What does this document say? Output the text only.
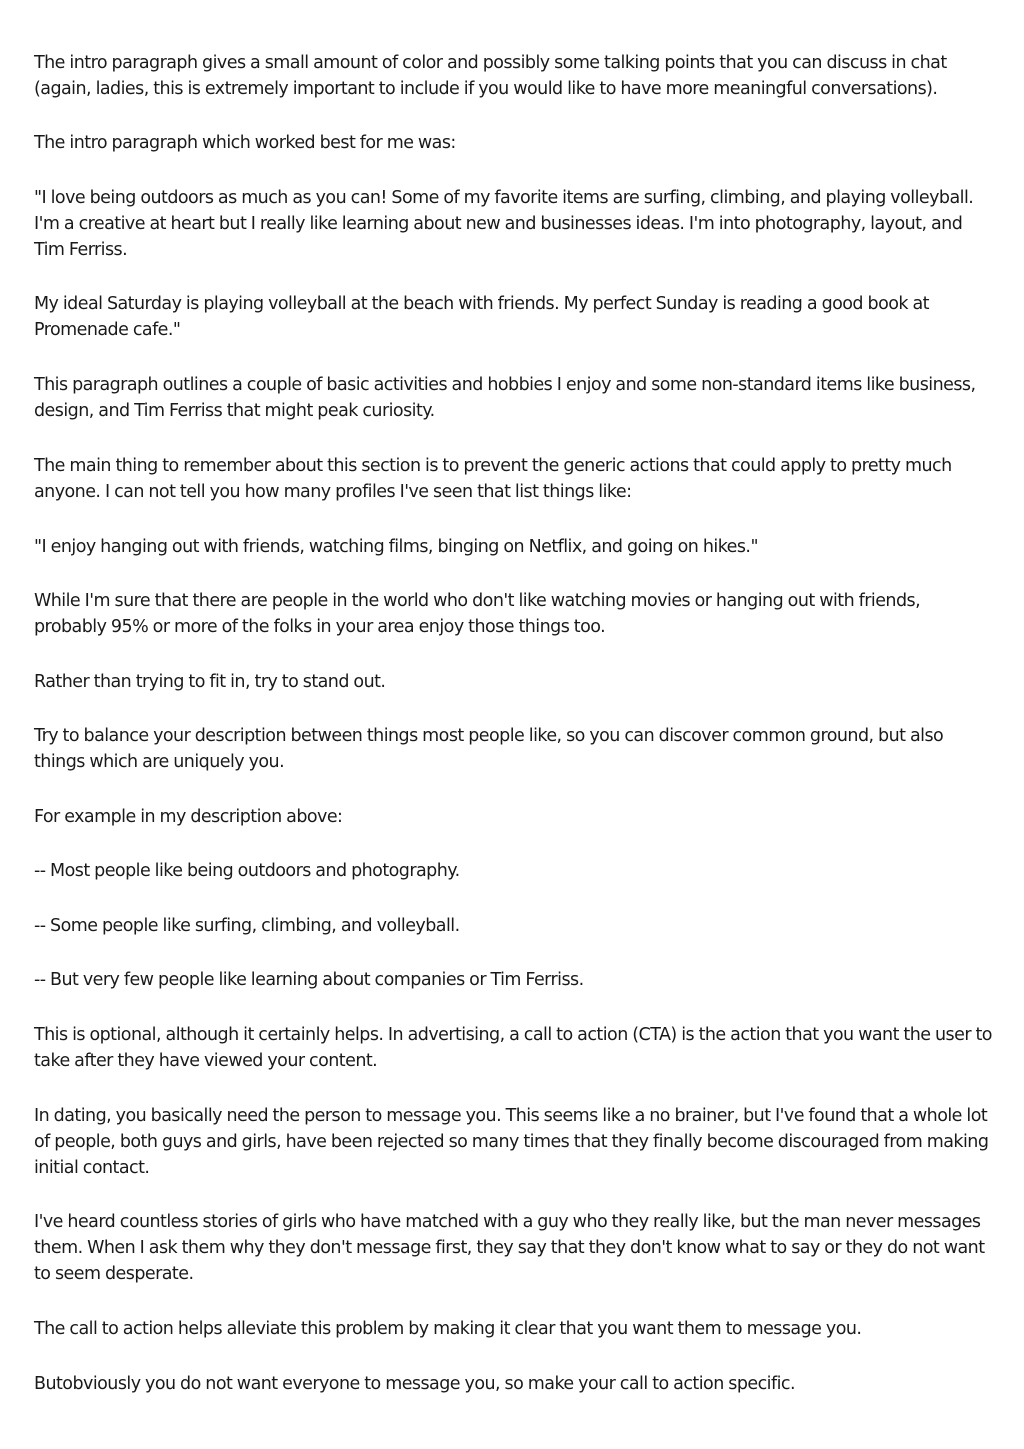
The intro paragraph gives a small amount of color and possibly some talking points that you can discuss in chat (again, ladies, this is extremely important to include if you would like to have more meaningful conversations).

The intro paragraph which worked best for me was:

"I love being outdoors as much as you can! Some of my favorite items are surfing, climbing, and playing volleyball. I'm a creative at heart but I really like learning about new and businesses ideas. I'm into photography, layout, and Tim Ferriss.

My ideal Saturday is playing volleyball at the beach with friends. My perfect Sunday is reading a good book at Promenade cafe."

This paragraph outlines a couple of basic activities and hobbies I enjoy and some non-standard items like business, design, and Tim Ferriss that might peak curiosity.

The main thing to remember about this section is to prevent the generic actions that could apply to pretty much anyone. I can not tell you how many profiles I've seen that list things like:

"I enjoy hanging out with friends, watching films, binging on Netflix, and going on hikes."

While I'm sure that there are people in the world who don't like watching movies or hanging out with friends, probably 95% or more of the folks in your area enjoy those things too.

Rather than trying to fit in, try to stand out.

Try to balance your description between things most people like, so you can discover common ground, but also things which are uniquely you.

For example in my description above:

-- Most people like being outdoors and photography.

-- Some people like surfing, climbing, and volleyball.

-- But very few people like learning about companies or Tim Ferriss.

This is optional, although it certainly helps. In advertising, a call to action (CTA) is the action that you want the user to take after they have viewed your content.

In dating, you basically need the person to message you. This seems like a no brainer, but I've found that a whole lot of people, both guys and girls, have been rejected so many times that they finally become discouraged from making initial contact.

I've heard countless stories of girls who have matched with a guy who they really like, but the man never messages them. When I ask them why they don't message first, they say that they don't know what to say or they do not want to seem desperate.

The call to action helps alleviate this problem by making it clear that you want them to message you.

Butobviously you do not want everyone to message you, so make your call to action specific.
